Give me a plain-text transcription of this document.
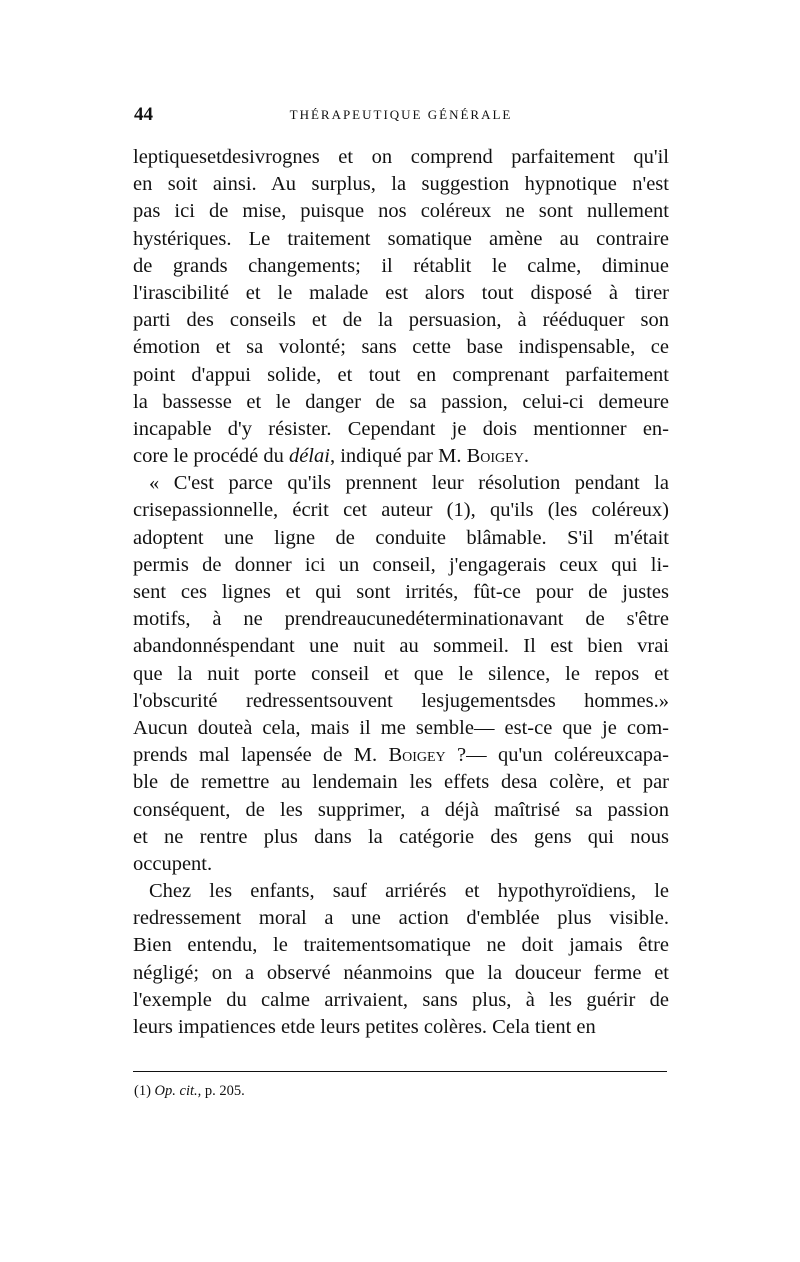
44	THÉRAPEUTIQUE GÉNÉRALE
leptiquesetdesivrognes et on comprend parfaitement qu'il
en soit ainsi. Au surplus, la suggestion hypnotique n'est
pas ici de mise, puisque nos coléreux ne sont nullement
hystériques. Le traitement somatique amène au contraire
de grands changements; il rétablit le calme, diminue
l'irascibilité et le malade est alors tout disposé à tirer
parti des conseils et de la persuasion, à rééduquer son
émotion et sa volonté; sans cette base indispensable, ce
point d'appui solide, et tout en comprenant parfaitement
la bassesse et le danger de sa passion, celui-ci demeure
incapable d'y résister. Cependant je dois mentionner en-
core le procédé du délai, indiqué par M. Boigey.
« C'est parce qu'ils prennent leur résolution pendant la
crisepassionnelle, écrit cet auteur (1), qu'ils (les coléreux)
adoptent une ligne de conduite blâmable. S'il m'était
permis de donner ici un conseil, j'engagerais ceux qui li-
sent ces lignes et qui sont irrités, fût-ce pour de justes
motifs, à ne prendreaucunedéterminationavant de s'être
abandonnéspendant une nuit au sommeil. Il est bien vrai
que la nuit porte conseil et que le silence, le repos et
l'obscurité redressentsouvent lesjugementsdes hommes.»
Aucun douteà cela, mais il me semble— est-ce que je com-
prends mal lapensée de M. Boigey ?— qu'un coléreuxcapa-
ble de remettre au lendemain les effets desa colère, et par
conséquent, de les supprimer, a déjà maîtrisé sa passion
et ne rentre plus dans la catégorie des gens qui nous
occupent.
Chez les enfants, sauf arriérés et hypothyroïdiens, le
redressement moral a une action d'emblée plus visible.
Bien entendu, le traitementsomatique ne doit jamais être
négligé; on a observé néanmoins que la douceur ferme et
l'exemple du calme arrivaient, sans plus, à les guérir de
leurs impatiences etde leurs petites colères. Cela tient en
(1) Op. cit., p. 205.
